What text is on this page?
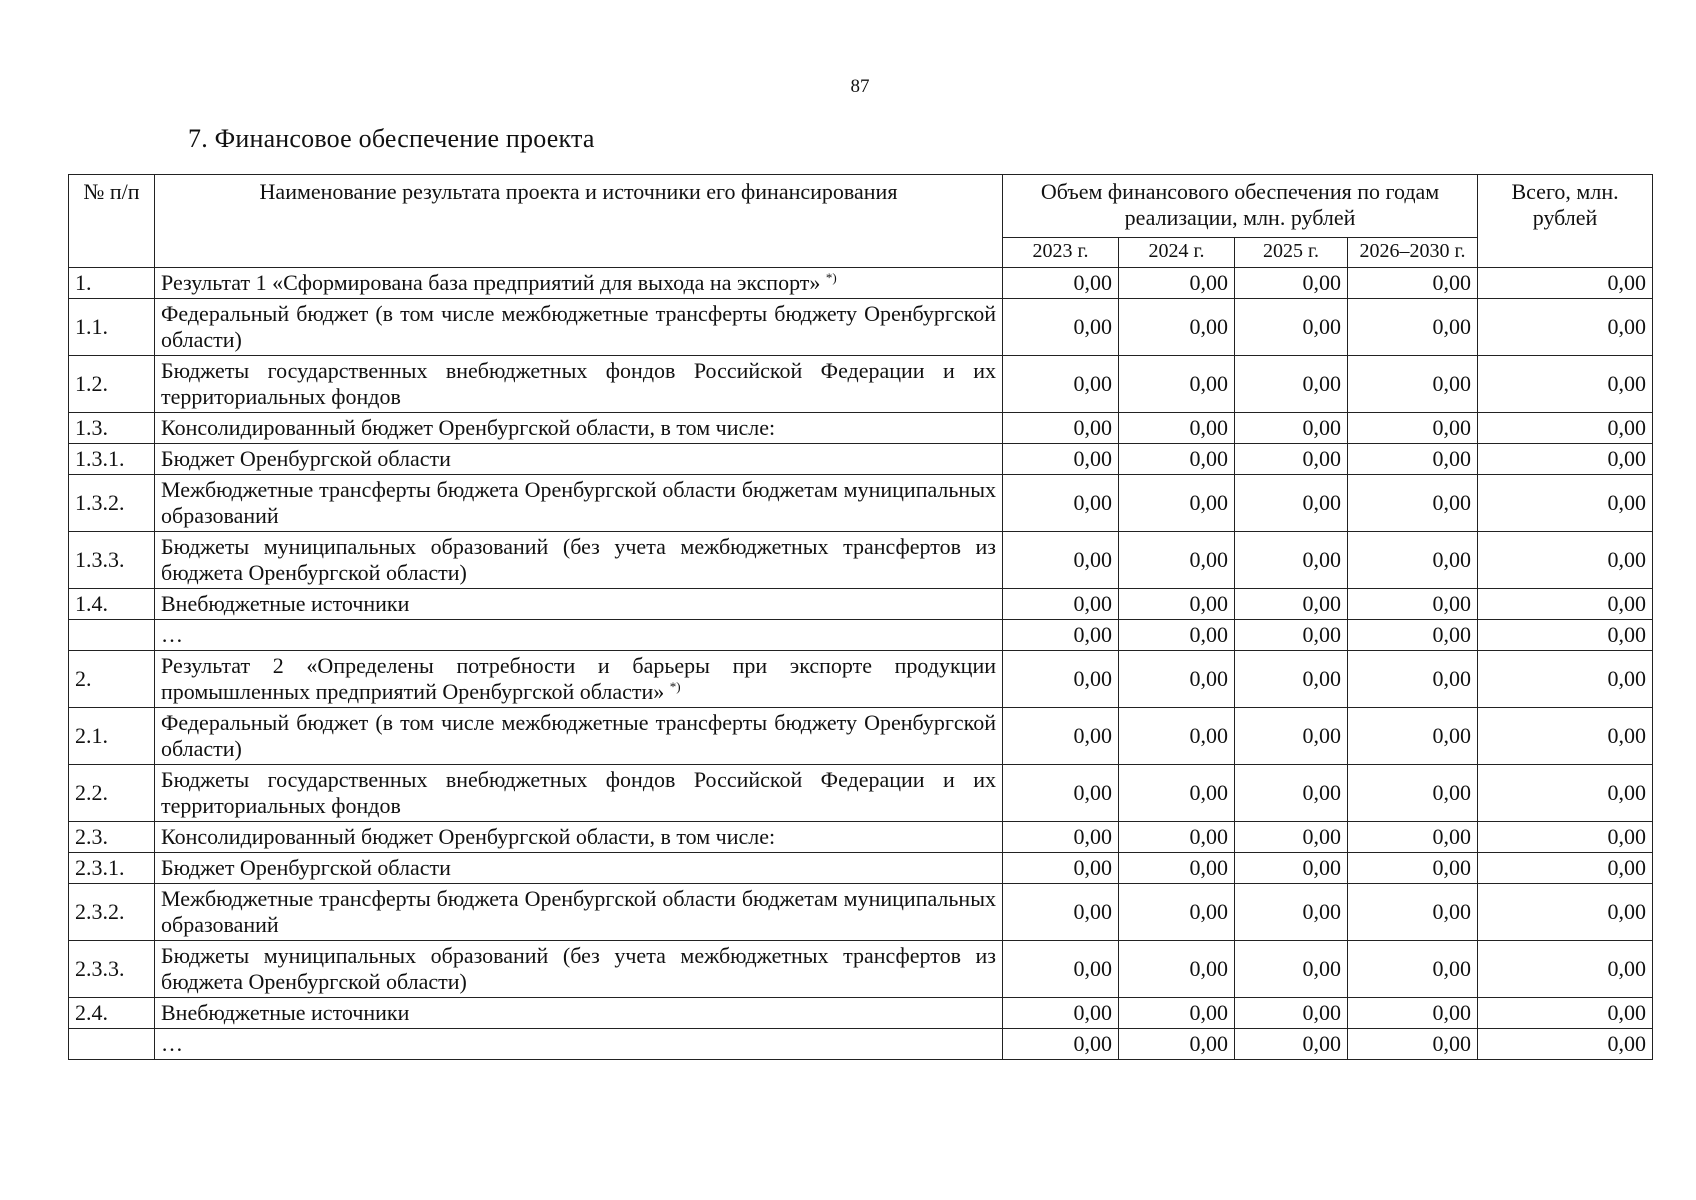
87
7. Финансовое обеспечение проекта
№ п/п	Наименование результата проекта и источники его финансирования	Объем финансового обеспечения по годам реализации, млн. рублей				Всего, млн. рублей
		2023 г.	2024 г.	2025 г.	2026–2030 г.	
1.	Результат 1 «Сформирована база предприятий для выхода на экспорт» *)	0,00	0,00	0,00	0,00	0,00
1.1.	Федеральный бюджет (в том числе межбюджетные трансферты бюджету Оренбургской области)	0,00	0,00	0,00	0,00	0,00
1.2.	Бюджеты государственных внебюджетных фондов Российской Федерации и их территориальных фондов	0,00	0,00	0,00	0,00	0,00
1.3.	Консолидированный бюджет Оренбургской области, в том числе:	0,00	0,00	0,00	0,00	0,00
1.3.1.	Бюджет Оренбургской области	0,00	0,00	0,00	0,00	0,00
1.3.2.	Межбюджетные трансферты бюджета Оренбургской области бюджетам муниципальных образований	0,00	0,00	0,00	0,00	0,00
1.3.3.	Бюджеты муниципальных образований (без учета межбюджетных трансфертов из бюджета Оренбургской области)	0,00	0,00	0,00	0,00	0,00
1.4.	Внебюджетные источники	0,00	0,00	0,00	0,00	0,00
	…	0,00	0,00	0,00	0,00	0,00
2.	Результат 2 «Определены потребности и барьеры при экспорте продукции промышленных предприятий Оренбургской области» *)	0,00	0,00	0,00	0,00	0,00
2.1.	Федеральный бюджет (в том числе межбюджетные трансферты бюджету Оренбургской области)	0,00	0,00	0,00	0,00	0,00
2.2.	Бюджеты государственных внебюджетных фондов Российской Федерации и их территориальных фондов	0,00	0,00	0,00	0,00	0,00
2.3.	Консолидированный бюджет Оренбургской области, в том числе:	0,00	0,00	0,00	0,00	0,00
2.3.1.	Бюджет Оренбургской области	0,00	0,00	0,00	0,00	0,00
2.3.2.	Межбюджетные трансферты бюджета Оренбургской области бюджетам муниципальных образований	0,00	0,00	0,00	0,00	0,00
2.3.3.	Бюджеты муниципальных образований (без учета межбюджетных трансфертов из бюджета Оренбургской области)	0,00	0,00	0,00	0,00	0,00
2.4.	Внебюджетные источники	0,00	0,00	0,00	0,00	0,00
	…	0,00	0,00	0,00	0,00	0,00
